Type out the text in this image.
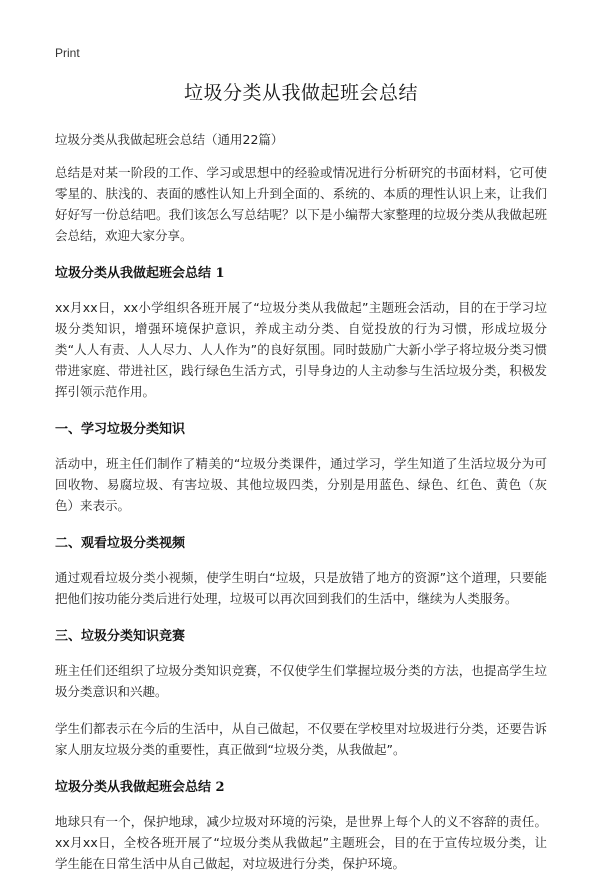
Print

垃圾分类从我做起班会总结

垃圾分类从我做起班会总结（通用22篇）

总结是对某一阶段的工作、学习或思想中的经验或情况进行分析研究的书面材料，它可使零星的、肤浅的、表面的感性认知上升到全面的、系统的、本质的理性认识上来，让我们好好写一份总结吧。我们该怎么写总结呢？以下是小编帮大家整理的垃圾分类从我做起班会总结，欢迎大家分享。

垃圾分类从我做起班会总结 1

xx月xx日，xx小学组织各班开展了“垃圾分类从我做起”主题班会活动，目的在于学习垃圾分类知识，增强环境保护意识，养成主动分类、自觉投放的行为习惯，形成垃圾分类“人人有责、人人尽力、人人作为”的良好氛围。同时鼓励广大新小学子将垃圾分类习惯带进家庭、带进社区，践行绿色生活方式，引导身边的人主动参与生活垃圾分类，积极发挥引领示范作用。

一、学习垃圾分类知识

活动中，班主任们制作了精美的“垃圾分类课件，通过学习，学生知道了生活垃圾分为可回收物、易腐垃圾、有害垃圾、其他垃圾四类，分别是用蓝色、绿色、红色、黄色（灰色）来表示。

二、观看垃圾分类视频

通过观看垃圾分类小视频，使学生明白“垃圾，只是放错了地方的资源”这个道理，只要能把他们按功能分类后进行处理，垃圾可以再次回到我们的生活中，继续为人类服务。

三、垃圾分类知识竞赛

班主任们还组织了垃圾分类知识竞赛，不仅使学生们掌握垃圾分类的方法，也提高学生垃圾分类意识和兴趣。

学生们都表示在今后的生活中，从自己做起，不仅要在学校里对垃圾进行分类，还要告诉家人朋友垃圾分类的重要性，真正做到“垃圾分类，从我做起”。

垃圾分类从我做起班会总结 2

地球只有一个，保护地球，减少垃圾对环境的污染，是世界上每个人的义不容辞的责任。xx月xx日，全校各班开展了“垃圾分类从我做起”主题班会，目的在于宣传垃圾分类，让学生能在日常生活中从自己做起，对垃圾进行分类，保护环境。
